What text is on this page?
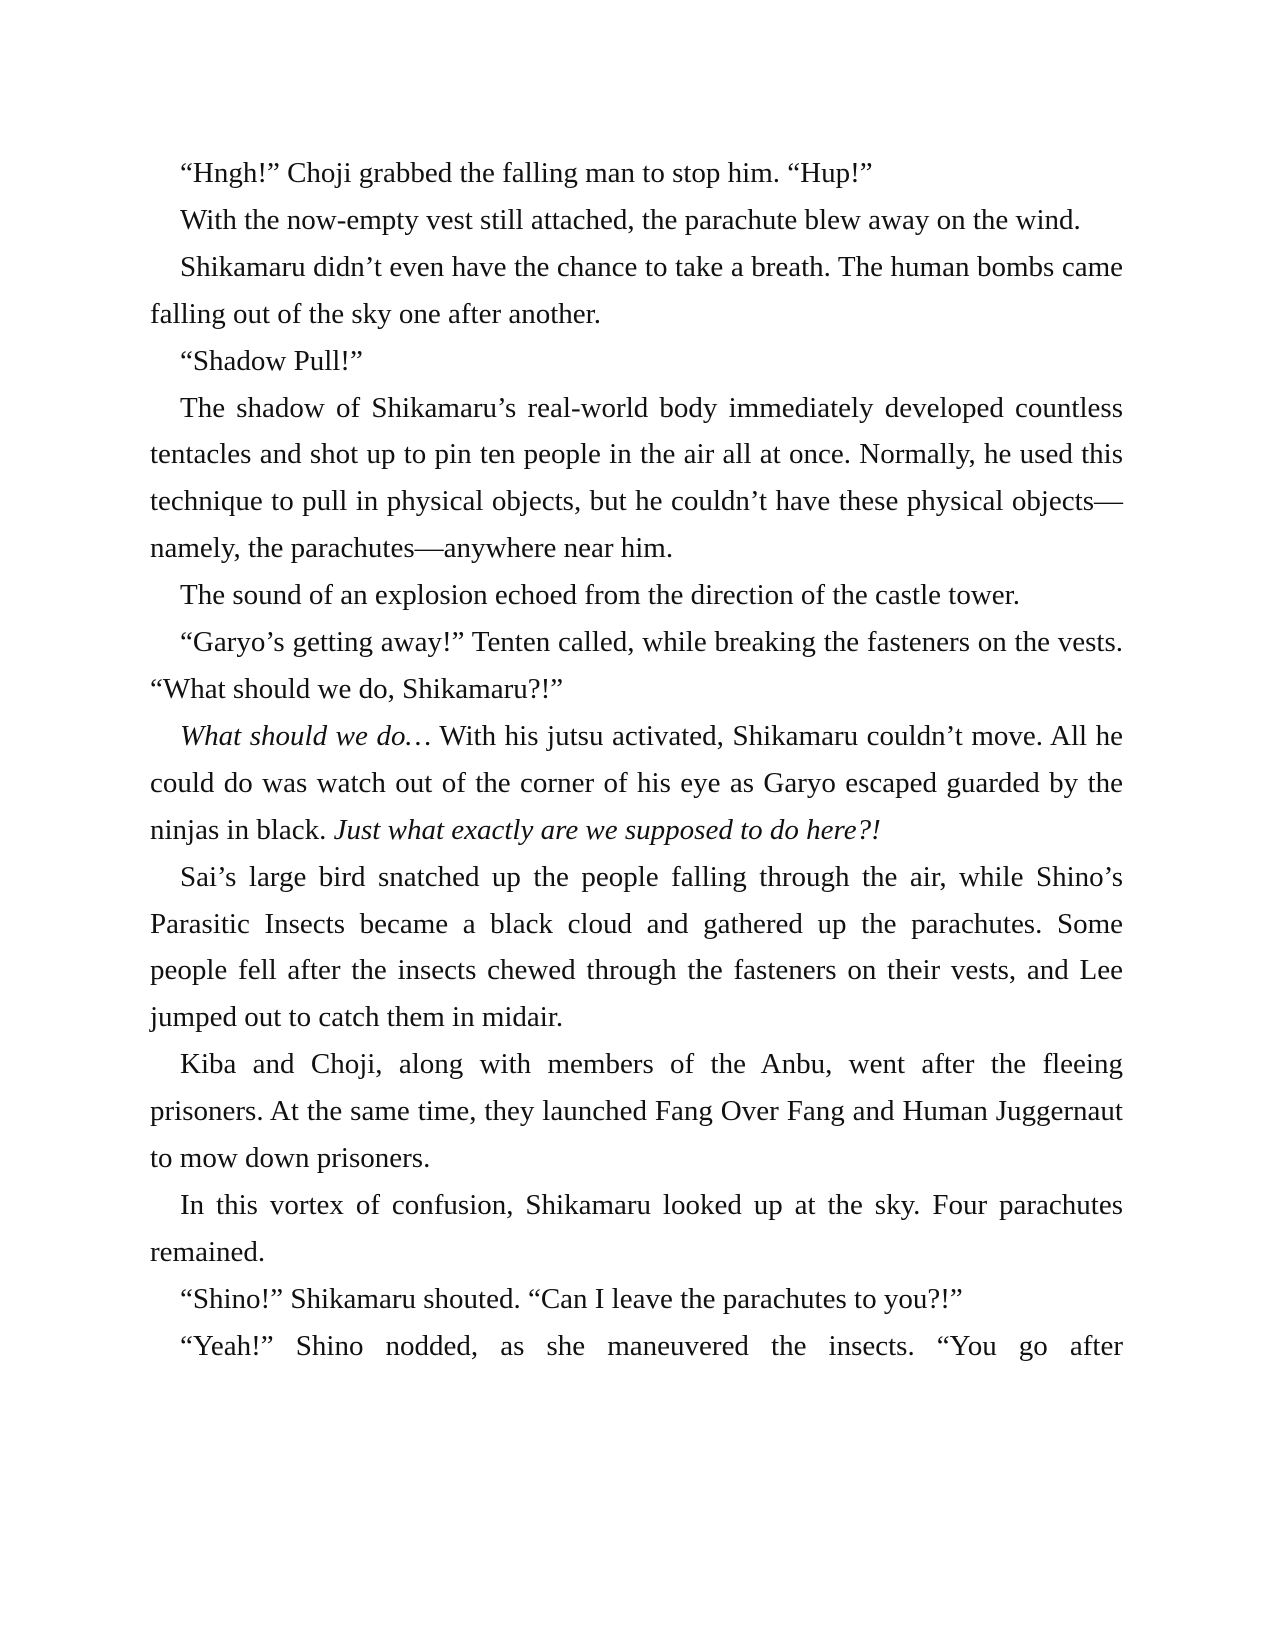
“Hngh!” Choji grabbed the falling man to stop him. “Hup!”

With the now-empty vest still attached, the parachute blew away on the wind.

Shikamaru didn’t even have the chance to take a breath. The human bombs came falling out of the sky one after another.

“Shadow Pull!”

The shadow of Shikamaru’s real-world body immediately developed countless tentacles and shot up to pin ten people in the air all at once. Normally, he used this technique to pull in physical objects, but he couldn’t have these physical objects—namely, the parachutes—anywhere near him.

The sound of an explosion echoed from the direction of the castle tower.

“Garyo’s getting away!” Tenten called, while breaking the fasteners on the vests. “What should we do, Shikamaru?!”

What should we do… With his jutsu activated, Shikamaru couldn’t move. All he could do was watch out of the corner of his eye as Garyo escaped guarded by the ninjas in black. Just what exactly are we supposed to do here?!

Sai’s large bird snatched up the people falling through the air, while Shino’s Parasitic Insects became a black cloud and gathered up the parachutes. Some people fell after the insects chewed through the fasteners on their vests, and Lee jumped out to catch them in midair.

Kiba and Choji, along with members of the Anbu, went after the fleeing prisoners. At the same time, they launched Fang Over Fang and Human Juggernaut to mow down prisoners.

In this vortex of confusion, Shikamaru looked up at the sky. Four parachutes remained.

“Shino!” Shikamaru shouted. “Can I leave the parachutes to you?!”

“Yeah!” Shino nodded, as she maneuvered the insects. “You go after
